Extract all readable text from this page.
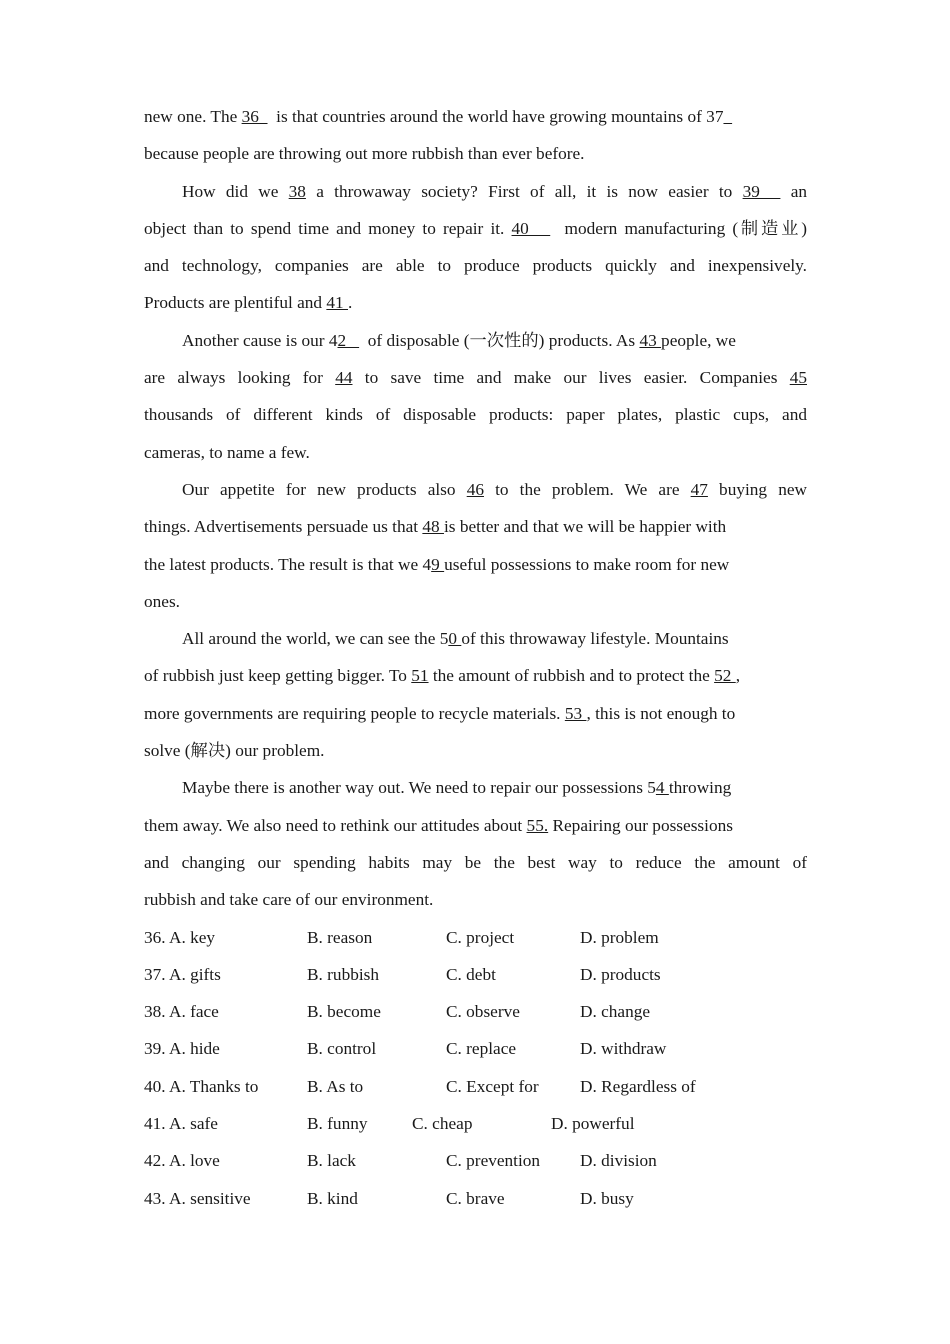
new one. The 36    is that countries around the world have growing mountains of 37
because people are throwing out more rubbish than ever before.
How did we 38 a throwaway society? First of all, it is now easier to 39   an
object than to spend time and money to repair it. 40     modern manufacturing (制造业)
and technology, companies are able to produce products quickly and inexpensively.
Products are plentiful and 41 .
Another cause is our 42     of disposable (一次性的) products. As 43 people, we
are always looking for 44 to save time and make our lives easier. Companies 45
thousands of different kinds of disposable products: paper plates, plastic cups, and
cameras, to name a few.
Our appetite for new products also 46 to the problem. We are 47 buying new
things. Advertisements persuade us that 48 is better and that we will be happier with
the latest products. The result is that we 49 useful possessions to make room for new
ones.
All around the world, we can see the 50 of this throwaway lifestyle. Mountains
of rubbish just keep getting bigger. To 51 the amount of rubbish and to protect the 52 ,
more governments are requiring people to recycle materials. 53 , this is not enough to
solve (解决) our problem.
Maybe there is another way out. We need to repair our possessions 54 throwing
them away. We also need to rethink our attitudes about 55. Repairing our possessions
and changing our spending habits may be the best way to reduce the amount of
rubbish and take care of our environment.
36. A. key	B. reason	C. project	D. problem
37. A. gifts	B. rubbish	C. debt	D. products
38. A. face	B. become	C. observe	D. change
39. A. hide	B. control	C. replace	D. withdraw
40. A. Thanks to	B. As to	C. Except for D. Regardless of
41. A. safe	B. funny	C. cheap	D. powerful
42. A. love	B. lack	C. prevention D. division
43. A. sensitive	B. kind	C. brave	D. busy
